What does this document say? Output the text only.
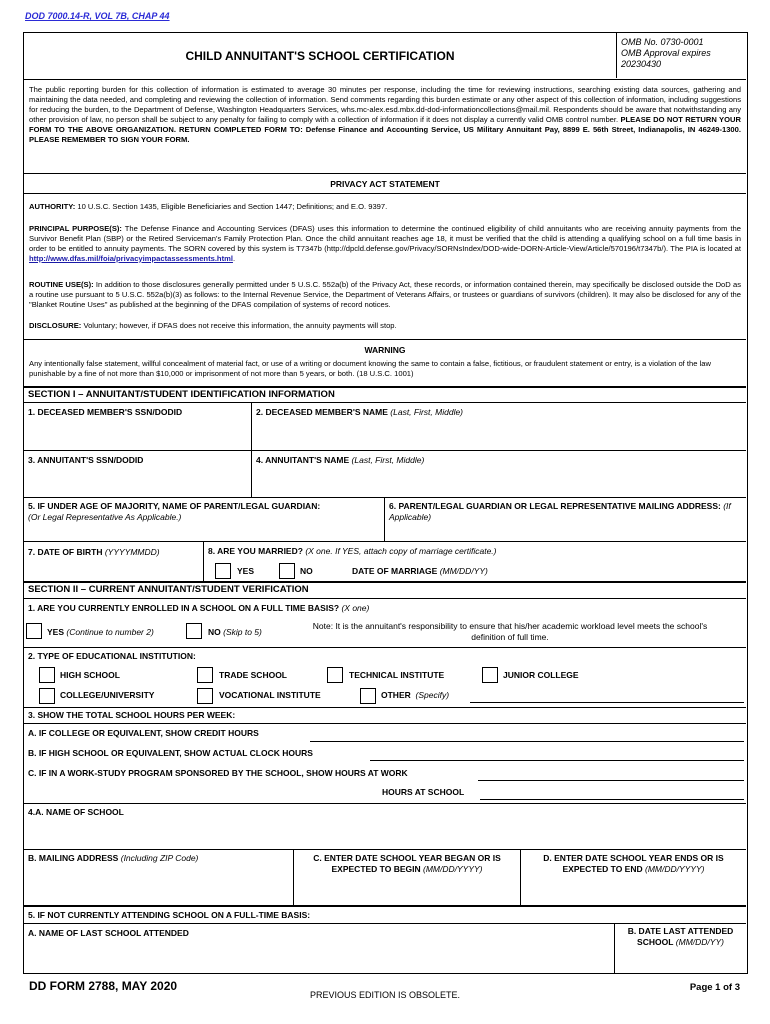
DOD 7000.14-R, VOL 7B, CHAP 44
CHILD ANNUITANT'S SCHOOL CERTIFICATION
OMB No. 0730-0001
OMB Approval expires
20230430
The public reporting burden for this collection of information is estimated to average 30 minutes per response, including the time for reviewing instructions, searching existing data sources, gathering and maintaining the data needed, and completing and reviewing the collection of information. Send comments regarding this burden estimate or any other aspect of this collection of information, including suggestions for reducing the burden, to the Department of Defense, Washington Headquarters Services, whs.mc-alex.esd.mbx.dd-dod-informationcollections@mail.mil. Respondents should be aware that notwithstanding any other provision of law, no person shall be subject to any penalty for failing to comply with a collection of information if it does not display a currently valid OMB control number. PLEASE DO NOT RETURN YOUR FORM TO THE ABOVE ORGANIZATION. RETURN COMPLETED FORM TO: Defense Finance and Accounting Service, US Military Annuitant Pay, 8899 E. 56th Street, Indianapolis, IN 46249-1300. PLEASE REMEMBER TO SIGN YOUR FORM.
PRIVACY ACT STATEMENT
AUTHORITY: 10 U.S.C. Section 1435, Eligible Beneficiaries and Section 1447; Definitions; and E.O. 9397.
PRINCIPAL PURPOSE(S): The Defense Finance and Accounting Services (DFAS) uses this information to determine the continued eligibility of child annuitants who are receiving annuity payments from the Survivor Benefit Plan (SBP) or the Retired Serviceman's Family Protection Plan. Once the child annuitant reaches age 18, it must be verified that the child is attending a qualifying school on a full time basis in order to be entitled to annuity payments. The SORN covered by this system is T7347b (http://dpcld.defense.gov/Privacy/SORNsIndex/DOD-wide-DORN-Article-View/Article/570196/t7347b/). The PIA is located at http://www.dfas.mil/foia/privacyimpactassessments.html.
ROUTINE USE(S): In addition to those disclosures generally permitted under 5 U.S.C. 552a(b) of the Privacy Act, these records, or information contained therein, may specifically be disclosed outside the DoD as a routine use pursuant to 5 U.S.C. 552a(b)(3) as follows: to the Internal Revenue Service, the Department of Veterans Affairs, or trustees or guardians of survivors (children). It may also be disclosed for any of the "Blanket Routine Uses" as published at the beginning of the DFAS compilation of systems of record notices.
DISCLOSURE: Voluntary; however, if DFAS does not receive this information, the annuity payments will stop.
WARNING
Any intentionally false statement, willful concealment of material fact, or use of a writing or document knowing the same to contain a false, fictitious, or fraudulent statement or entry, is a violation of the law punishable by a fine of not more than $10,000 or imprisonment of not more than 5 years, or both. (18 U.S.C. 1001)
SECTION I – ANNUITANT/STUDENT IDENTIFICATION INFORMATION
1. DECEASED MEMBER'S SSN/DODID	2. DECEASED MEMBER'S NAME (Last, First, Middle)
3. ANNUITANT'S SSN/DODID	4. ANNUITANT'S NAME (Last, First, Middle)
5. IF UNDER AGE OF MAJORITY, NAME OF PARENT/LEGAL GUARDIAN:
(Or Legal Representative As Applicable.)
6. PARENT/LEGAL GUARDIAN OR LEGAL REPRESENTATIVE MAILING ADDRESS: (If Applicable)
7. DATE OF BIRTH (YYYYMMDD)	8. ARE YOU MARRIED? (X one. If YES, attach copy of marriage certificate.)
YES	NO	DATE OF MARRIAGE (MM/DD/YY)
SECTION II – CURRENT ANNUITANT/STUDENT VERIFICATION
1. ARE YOU CURRENTLY ENROLLED IN A SCHOOL ON A FULL TIME BASIS? (X one)
YES (Continue to number 2)	NO (Skip to 5)
Note: It is the annuitant's responsibility to ensure that his/her academic workload level meets the school's definition of full time.
2. TYPE OF EDUCATIONAL INSTITUTION:
HIGH SCHOOL	TRADE SCHOOL	TECHNICAL INSTITUTE	JUNIOR COLLEGE
COLLEGE/UNIVERSITY	VOCATIONAL INSTITUTE	OTHER (Specify)
3. SHOW THE TOTAL SCHOOL HOURS PER WEEK:
A. IF COLLEGE OR EQUIVALENT, SHOW CREDIT HOURS
B. IF HIGH SCHOOL OR EQUIVALENT, SHOW ACTUAL CLOCK HOURS
C. IF IN A WORK-STUDY PROGRAM SPONSORED BY THE SCHOOL, SHOW HOURS AT WORK
HOURS AT SCHOOL
4.A. NAME OF SCHOOL
B. MAILING ADDRESS (Including ZIP Code)	C. ENTER DATE SCHOOL YEAR BEGAN OR IS EXPECTED TO BEGIN (MM/DD/YYYY)
D. ENTER DATE SCHOOL YEAR ENDS OR IS EXPECTED TO END (MM/DD/YYYY)
5. IF NOT CURRENTLY ATTENDING SCHOOL ON A FULL-TIME BASIS:
A. NAME OF LAST SCHOOL ATTENDED	B. DATE LAST ATTENDED SCHOOL (MM/DD/YY)
DD FORM 2788, MAY 2020
PREVIOUS EDITION IS OBSOLETE.
Page 1 of 3
